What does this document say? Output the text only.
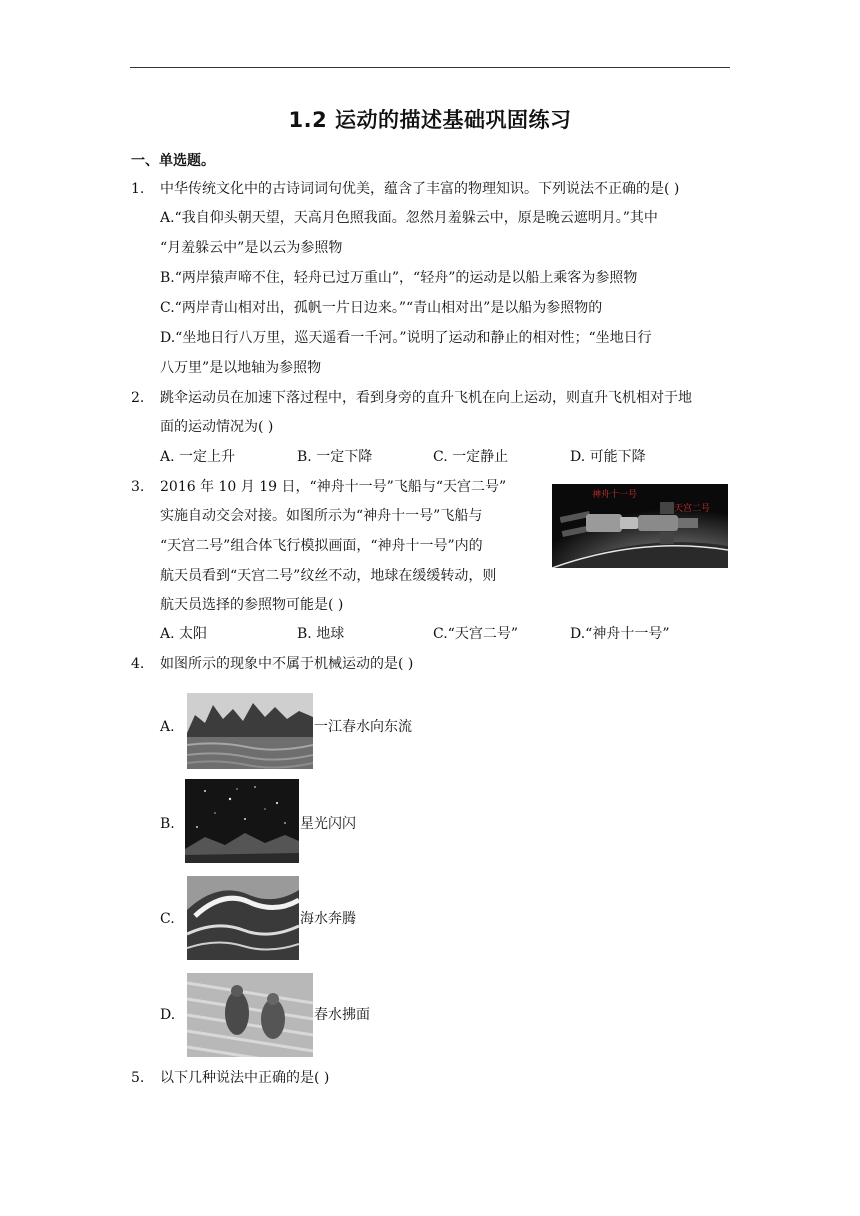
1.2 运动的描述基础巩固练习
一、单选题。
1. 中华传统文化中的古诗词词句优美，蕴含了丰富的物理知识。下列说法不正确的是( )
A.“我自仰头朝天望，天高月色照我面。忽然月羞躲云中，原是晚云遮明月。”其中
“月羞躲云中”是以云为参照物
B.“两岸猿声啼不住，轻舟已过万重山”，“轻舟”的运动是以船上乘客为参照物
C.“两岸青山相对出，孤帆一片日边来。”“青山相对出”是以船为参照物的
D.“坐地日行八万里，巡天遥看一千河。”说明了运动和静止的相对性；“坐地日行
八万里”是以地轴为参照物
2. 跳伞运动员在加速下落过程中，看到身旁的直升飞机在向上运动，则直升飞机相对于地
面的运动情况为( )
A. 一定上升	B. 一定下降	C. 一定静止	D. 可能下降
3. 2016 年 10 月 19 日，“神舟十一号”飞船与“天宫二号”
实施自动交会对接。如图所示为“神舟十一号”飞船与
“天宫二号”组合体飞行模拟画面，“神舟十一号”内的
航天员看到“天宫二号”纹丝不动，地球在缓缓转动，则
航天员选择的参照物可能是( )
神舟十一号
天宫二号
A. 太阳	B. 地球	C.“天宫二号”	D.“神舟十一号”
4. 如图所示的现象中不属于机械运动的是( )
A.	一江春水向东流
B.	星光闪闪
C.	海水奔腾
D.	春水拂面
5. 以下几种说法中正确的是( )
